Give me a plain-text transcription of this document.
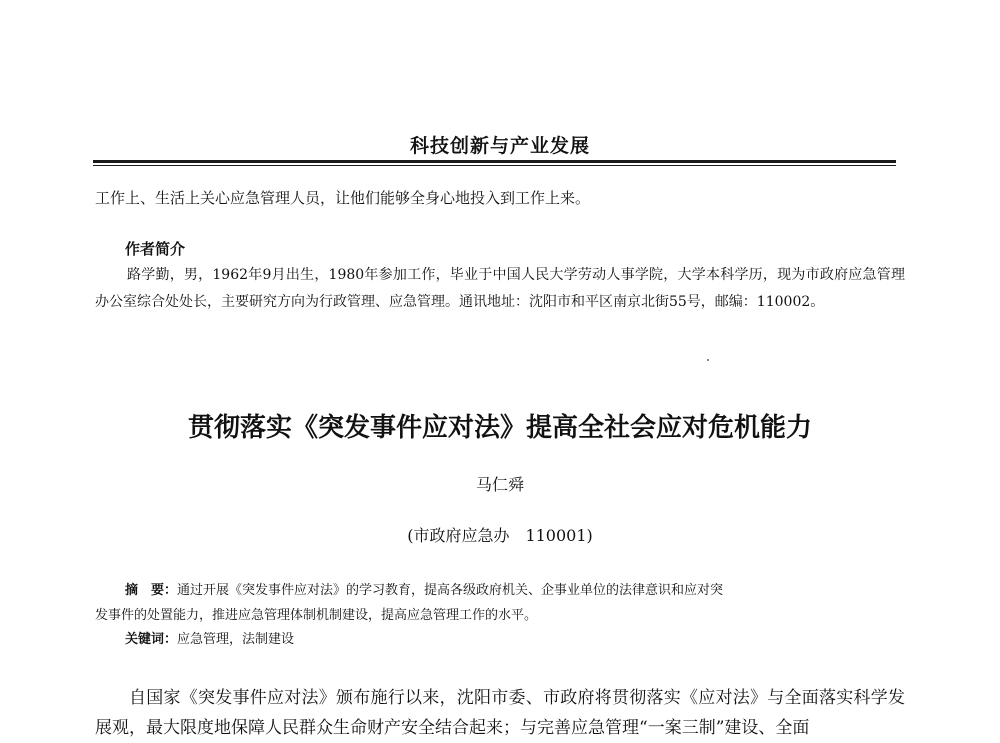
科技创新与产业发展
工作上、生活上关心应急管理人员，让他们能够全身心地投入到工作上来。
作者简介
路学勤，男，1962年9月出生，1980年参加工作，毕业于中国人民大学劳动人事学院，大学本科学历，现为市政府应急管理办公室综合处处长，主要研究方向为行政管理、应急管理。通讯地址：沈阳市和平区南京北街55号，邮编：110002。
贯彻落实《突发事件应对法》提高全社会应对危机能力
马仁舜
(市政府应急办　110001)
摘　要：通过开展《突发事件应对法》的学习教育，提高各级政府机关、企事业单位的法律意识和应对突
发事件的处置能力，推进应急管理体制机制建设，提高应急管理工作的水平。
关键词：应急管理，法制建设
自国家《突发事件应对法》颁布施行以来，沈阳市委、市政府将贯彻落实《应对法》与全面落实科学发展观，最大限度地保障人民群众生命财产安全结合起来；与完善应急管理“一案三制”建设、全面
